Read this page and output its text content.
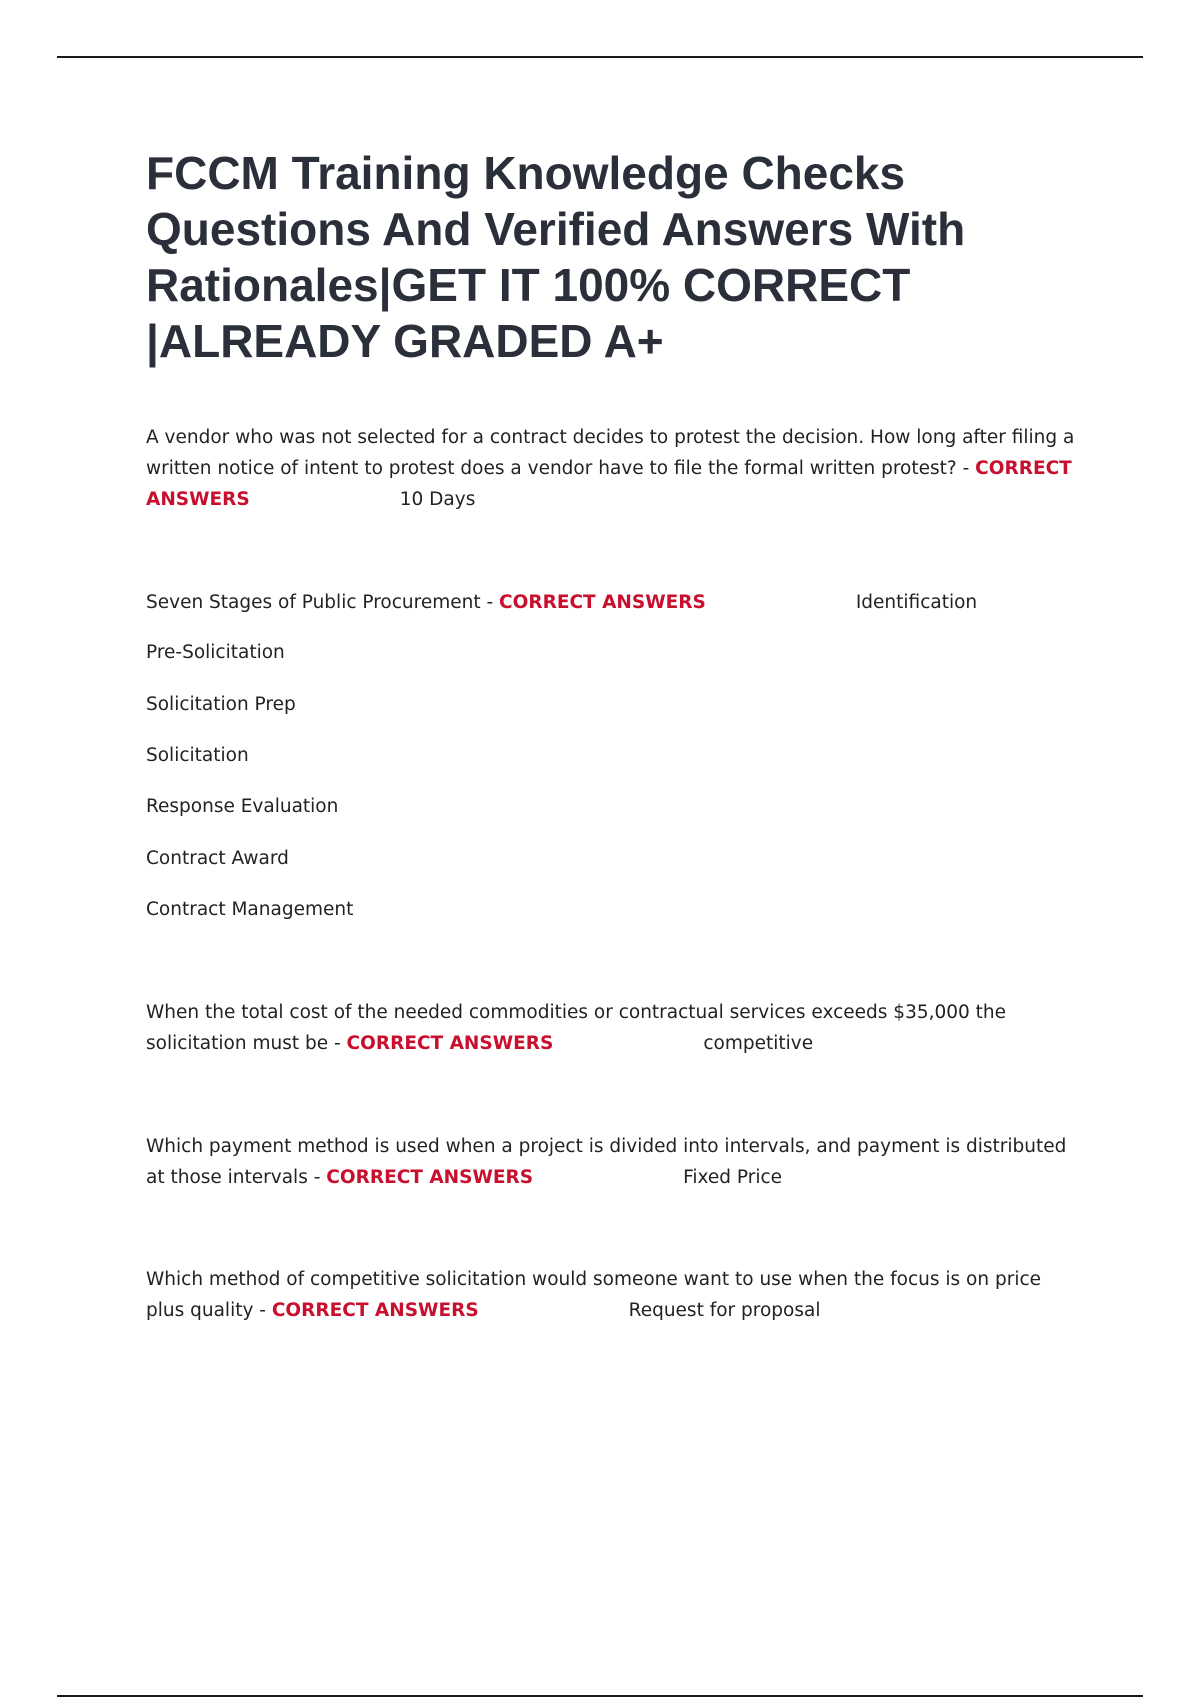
FCCM Training Knowledge Checks Questions And Verified Answers With Rationales|GET IT 100% CORRECT |ALREADY GRADED A+
A vendor who was not selected for a contract decides to protest the decision. How long after filing a written notice of intent to protest does a vendor have to file the formal written protest? - CORRECT ANSWERS	10 Days
Seven Stages of Public Procurement - CORRECT ANSWERS	Identification
Pre-Solicitation
Solicitation Prep
Solicitation
Response Evaluation
Contract Award
Contract Management
When the total cost of the needed commodities or contractual services exceeds $35,000 the solicitation must be - CORRECT ANSWERS	competitive
Which payment method is used when a project is divided into intervals, and payment is distributed at those intervals - CORRECT ANSWERS	Fixed Price
Which method of competitive solicitation would someone want to use when the focus is on price plus quality - CORRECT ANSWERS	Request for proposal
